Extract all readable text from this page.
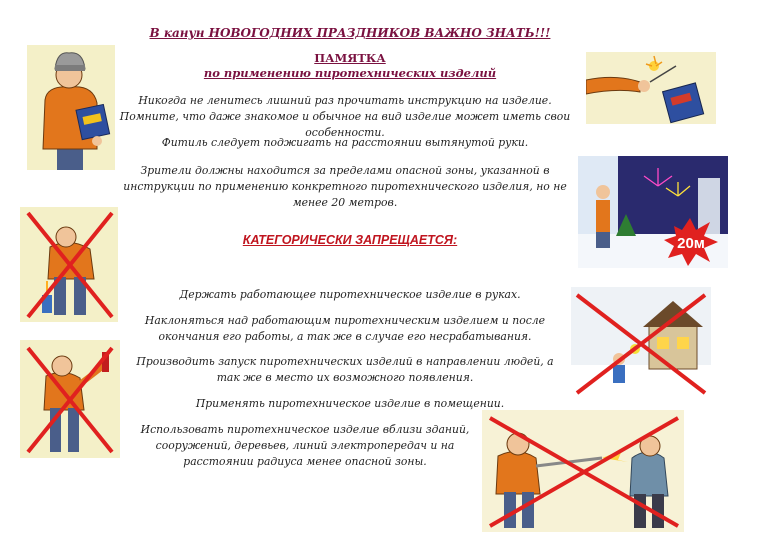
В канун НОВОГОДНИХ ПРАЗДНИКОВ ВАЖНО ЗНАТЬ!!!
ПАМЯТКА
по применению пиротехнических изделий
Никогда не ленитесь лишний раз прочитать инструкцию на изделие. Помните, что даже знакомое и обычное на вид изделие может иметь свои особенности.
Фитиль следует поджигать на расстоянии вытянутой руки.
Зрители должны находится за пределами опасной зоны, указанной в инструкции по применению конкретного пиротехнического изделия, но не менее 20 метров.
КАТЕГОРИЧЕСКИ ЗАПРЕЩАЕТСЯ:
Держать работающее пиротехническое изделие в руках.
Наклоняться над работающим пиротехническим изделием и после окончания его работы, а так же в случае его несрабатывания.
Производить запуск пиротехнических изделий в направлении людей, а так же в место их возможного появления.
Применять пиротехническое изделие в помещении.
Использовать пиротехническое изделие вблизи зданий, сооружений, деревьев, линий электропередач и на расстоянии радиуса менее опасной зоны.
20м
